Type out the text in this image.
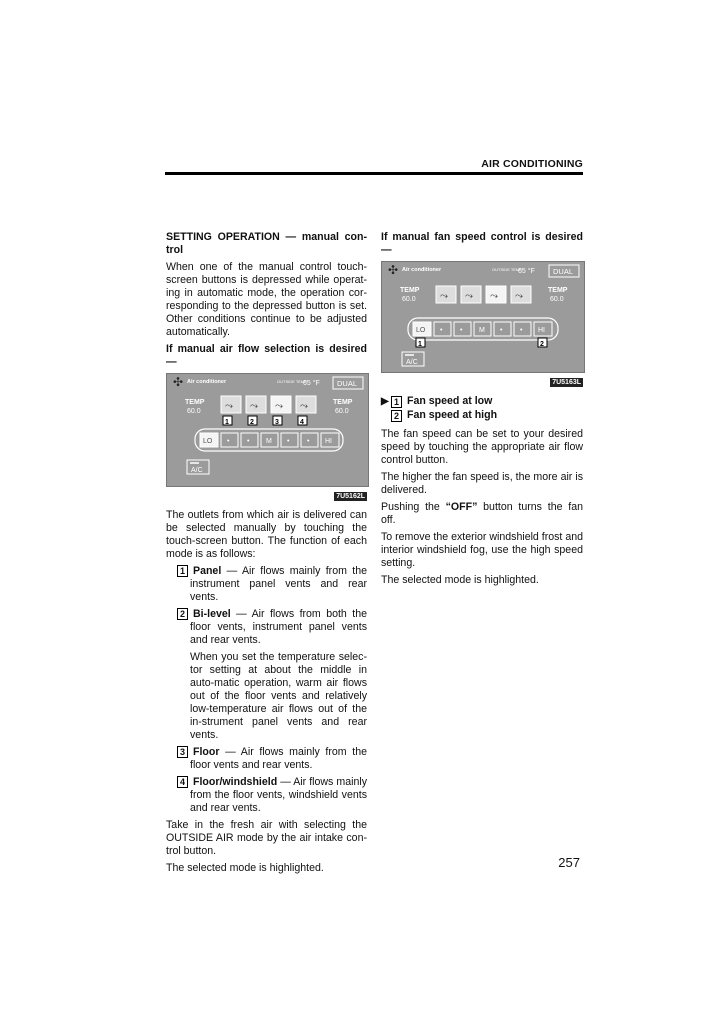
AIR CONDITIONING

SETTING OPERATION — manual con-trol

When one of the manual control touch-screen buttons is depressed while operat-ing in automatic mode, the operation cor-responding to the depressed button is set. Other conditions continue to be adjusted automatically.

If manual air flow selection is desired —

✣ Air conditioner	OUTSIDE TEMP
65 °F DUAL
TEMP
60.0
TEMP
60.0
⤳ ⤳ ⤳ ⤳
1	2	3	4
LO •	• M •	• HI
A/C
7U5162L

The outlets from which air is delivered can be selected manually by touching the touch-screen button. The function of each mode is as follows:

1 Panel — Air flows mainly from the instrument panel vents and rear vents.
2 Bi-level — Air flows from both the floor vents, instrument panel vents and rear vents.
When you set the temperature selec-tor setting at about the middle in auto-matic operation, warm air flows out of the floor vents and relatively low-temperature air flows out of the in-strument panel vents and rear vents.
3 Floor — Air flows mainly from the floor vents and rear vents.
4 Floor/windshield — Air flows mainly from the floor vents, windshield vents and rear vents.

Take in the fresh air with selecting the OUTSIDE AIR mode by the air intake con-trol button.

The selected mode is highlighted.

If manual fan speed control is desired —

✣ Air conditioner	OUTSIDE TEMP
65 °F DUAL
TEMP
60.0
TEMP
60.0
⤳ ⤳ ⤳ ⤳
LO •	• M •	• HI
1	2
A/C
7U5163L
▶ 1 Fan speed at low
2 Fan speed at high

The fan speed can be set to your desired speed by touching the appropriate air flow control button.

The higher the fan speed is, the more air is delivered.

Pushing the “OFF” button turns the fan off.

To remove the exterior windshield frost and interior windshield fog, use the high speed setting.

The selected mode is highlighted.

257
